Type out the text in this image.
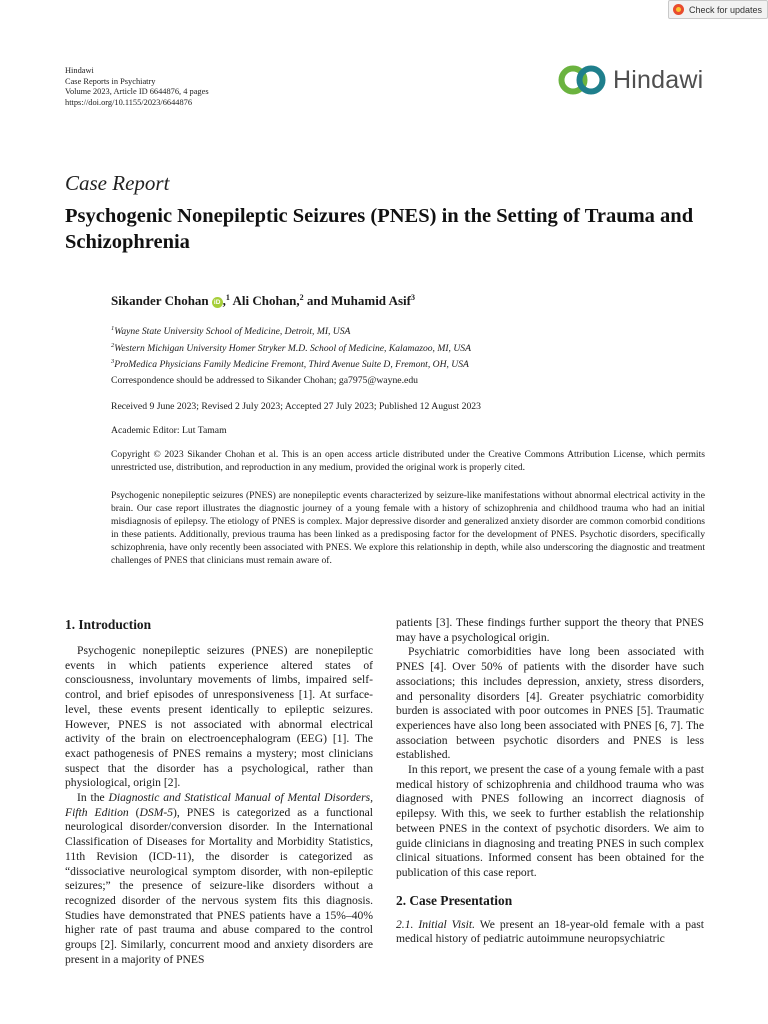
Check for updates
Hindawi
Case Reports in Psychiatry
Volume 2023, Article ID 6644876, 4 pages
https://doi.org/10.1155/2023/6644876
Hindawi
Case Report
Psychogenic Nonepileptic Seizures (PNES) in the Setting of Trauma and Schizophrenia
Sikander Chohan iD ,$^1$ Ali Chohan,$^2$ and Muhamid Asif$^3$
$^1$Wayne State University School of Medicine, Detroit, MI, USA
$^2$Western Michigan University Homer Stryker M.D. School of Medicine, Kalamazoo, MI, USA
$^3$ProMedica Physicians Family Medicine Fremont, Third Avenue Suite D, Fremont, OH, USA
Correspondence should be addressed to Sikander Chohan; ga7975@wayne.edu
Received 9 June 2023; Revised 2 July 2023; Accepted 27 July 2023; Published 12 August 2023
Academic Editor: Lut Tamam

Copyright © 2023 Sikander Chohan et al. This is an open access article distributed under the Creative Commons Attribution License, which permits unrestricted use, distribution, and reproduction in any medium, provided the original work is properly cited.

Psychogenic nonepileptic seizures (PNES) are nonepileptic events characterized by seizure-like manifestations without abnormal electrical activity in the brain. Our case report illustrates the diagnostic journey of a young female with a history of schizophrenia and childhood trauma who had an initial misdiagnosis of epilepsy. The etiology of PNES is complex. Major depressive disorder and generalized anxiety disorder are common comorbid conditions in these patients. Additionally, previous trauma has been linked as a predisposing factor for the development of PNES. Psychotic disorders, specifically schizophrenia, have only recently been associated with PNES. We explore this relationship in depth, while also underscoring the diagnostic and treatment challenges of PNES that clinicians must remain aware of.

1. Introduction

Psychogenic nonepileptic seizures (PNES) are nonepileptic events in which patients experience altered states of consciousness, involuntary movements of limbs, impaired self-control, and brief episodes of unresponsiveness [1]. At surface-level, these events present identically to epileptic seizures. However, PNES is not associated with abnormal electrical activity of the brain on electroencephalogram (EEG) [1]. The exact pathogenesis of PNES remains a mystery; most clinicians suspect that the disorder has a psychological, rather than physiological, origin [2].

In the Diagnostic and Statistical Manual of Mental Disorders, Fifth Edition (DSM-5), PNES is categorized as a functional neurological disorder/conversion disorder. In the International Classification of Diseases for Mortality and Morbidity Statistics, 11th Revision (ICD-11), the disorder is categorized as “dissociative neurological symptom disorder, with non-epileptic seizures;” the presence of seizure-like disorders without a recognized disorder of the nervous system fits this diagnosis. Studies have demonstrated that PNES patients have a 15%–40% higher rate of past trauma and abuse compared to the control groups [2]. Similarly, concurrent mood and anxiety disorders are present in a majority of PNES

patients [3]. These findings further support the theory that PNES may have a psychological origin.

Psychiatric comorbidities have long been associated with PNES [4]. Over 50% of patients with the disorder have such associations; this includes depression, anxiety, stress disorders, and personality disorders [4]. Greater psychiatric comorbidity burden is associated with poor outcomes in PNES [5]. Traumatic experiences have also long been associated with PNES [6, 7]. The association between psychotic disorders and PNES is less established.

In this report, we present the case of a young female with a past medical history of schizophrenia and childhood trauma who was diagnosed with PNES following an incorrect diagnosis of epilepsy. With this, we seek to further establish the relationship between PNES in the context of psychotic disorders. We aim to guide clinicians in diagnosing and treating PNES in such complex clinical situations. Informed consent has been obtained for the publication of this case report.

2. Case Presentation

2.1. Initial Visit. We present an 18-year-old female with a past medical history of pediatric autoimmune neuropsychiatric
